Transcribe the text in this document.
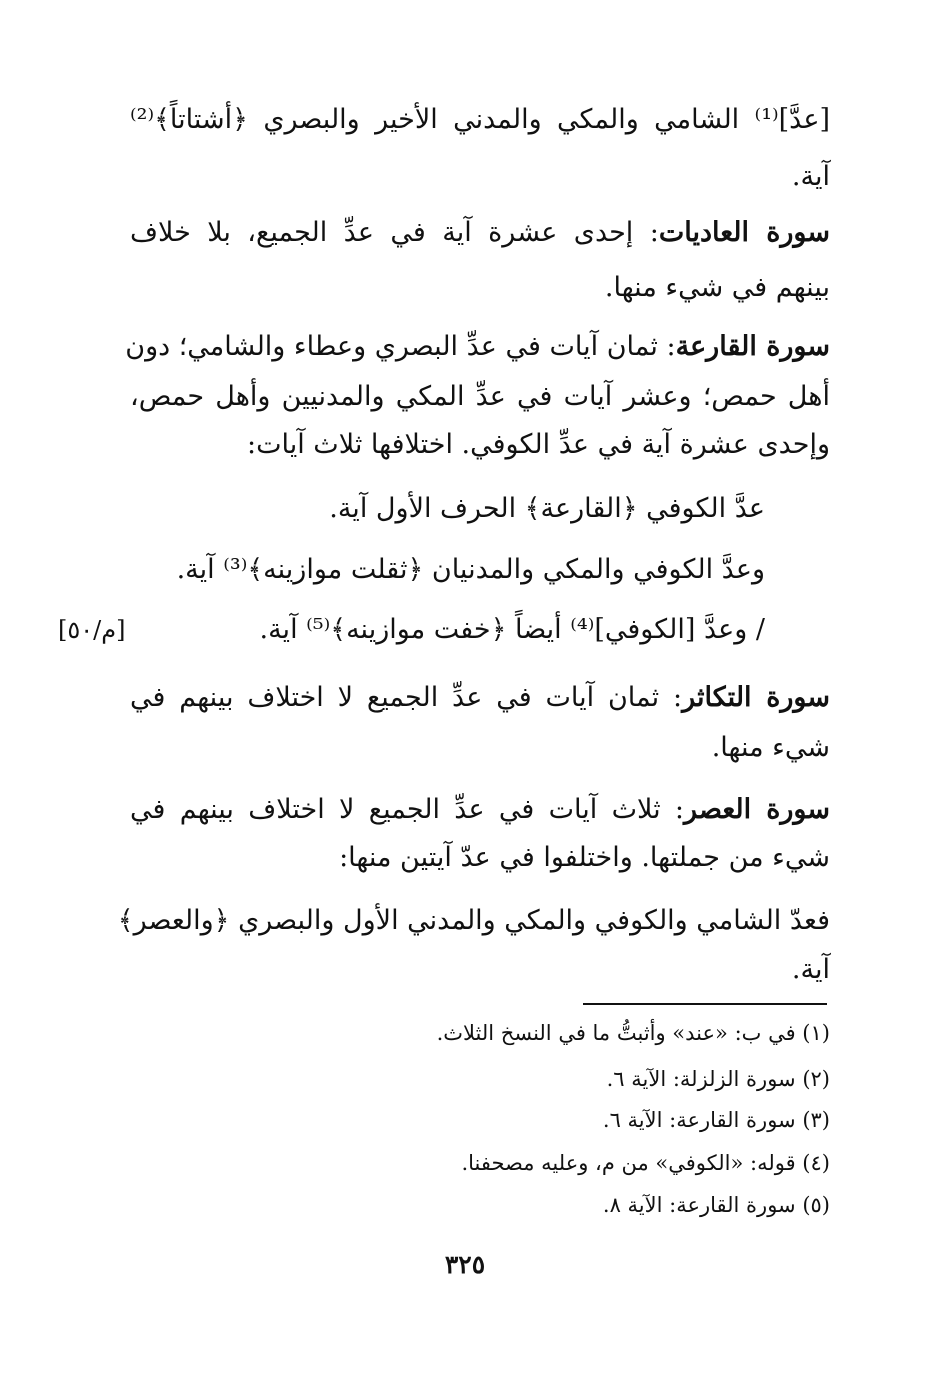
[عدَّ]⁽¹⁾ الشامي والمكي والمدني الأخير والبصري ﴿أشتاتاً﴾⁽²⁾
آية.
سورة العاديات: إحدى عشرة آية في عدِّ الجميع، بلا خلاف
بينهم في شيء منها.
سورة القارعة: ثمان آيات في عدِّ البصري وعطاء والشامي؛ دون
أهل حمص؛ وعشر آيات في عدِّ المكي والمدنيين وأهل حمص،
وإحدى عشرة آية في عدِّ الكوفي. اختلافها ثلاث آيات:
عدَّ الكوفي ﴿القارعة﴾ الحرف الأول آية.
وعدَّ الكوفي والمكي والمدنيان ﴿ثقلت موازينه﴾⁽³⁾ آية.
/ وعدَّ [الكوفي]⁽⁴⁾ أيضاً ﴿خفت موازينه﴾⁽⁵⁾ آية.
[م/٥٠]
سورة التكاثر: ثمان آيات في عدِّ الجميع لا اختلاف بينهم في
شيء منها.
سورة العصر: ثلاث آيات في عدِّ الجميع لا اختلاف بينهم في
شيء من جملتها. واختلفوا في عدّ آيتين منها:
فعدّ الشامي والكوفي والمكي والمدني الأول والبصري ﴿والعصر﴾
آية.
(١) في ب: «عند» وأثبتُّ ما في النسخ الثلاث.
(٢) سورة الزلزلة: الآية ٦.
(٣) سورة القارعة: الآية ٦.
(٤) قوله: «الكوفي» من م، وعليه مصحفنا.
(٥) سورة القارعة: الآية ٨.
٣٢٥
